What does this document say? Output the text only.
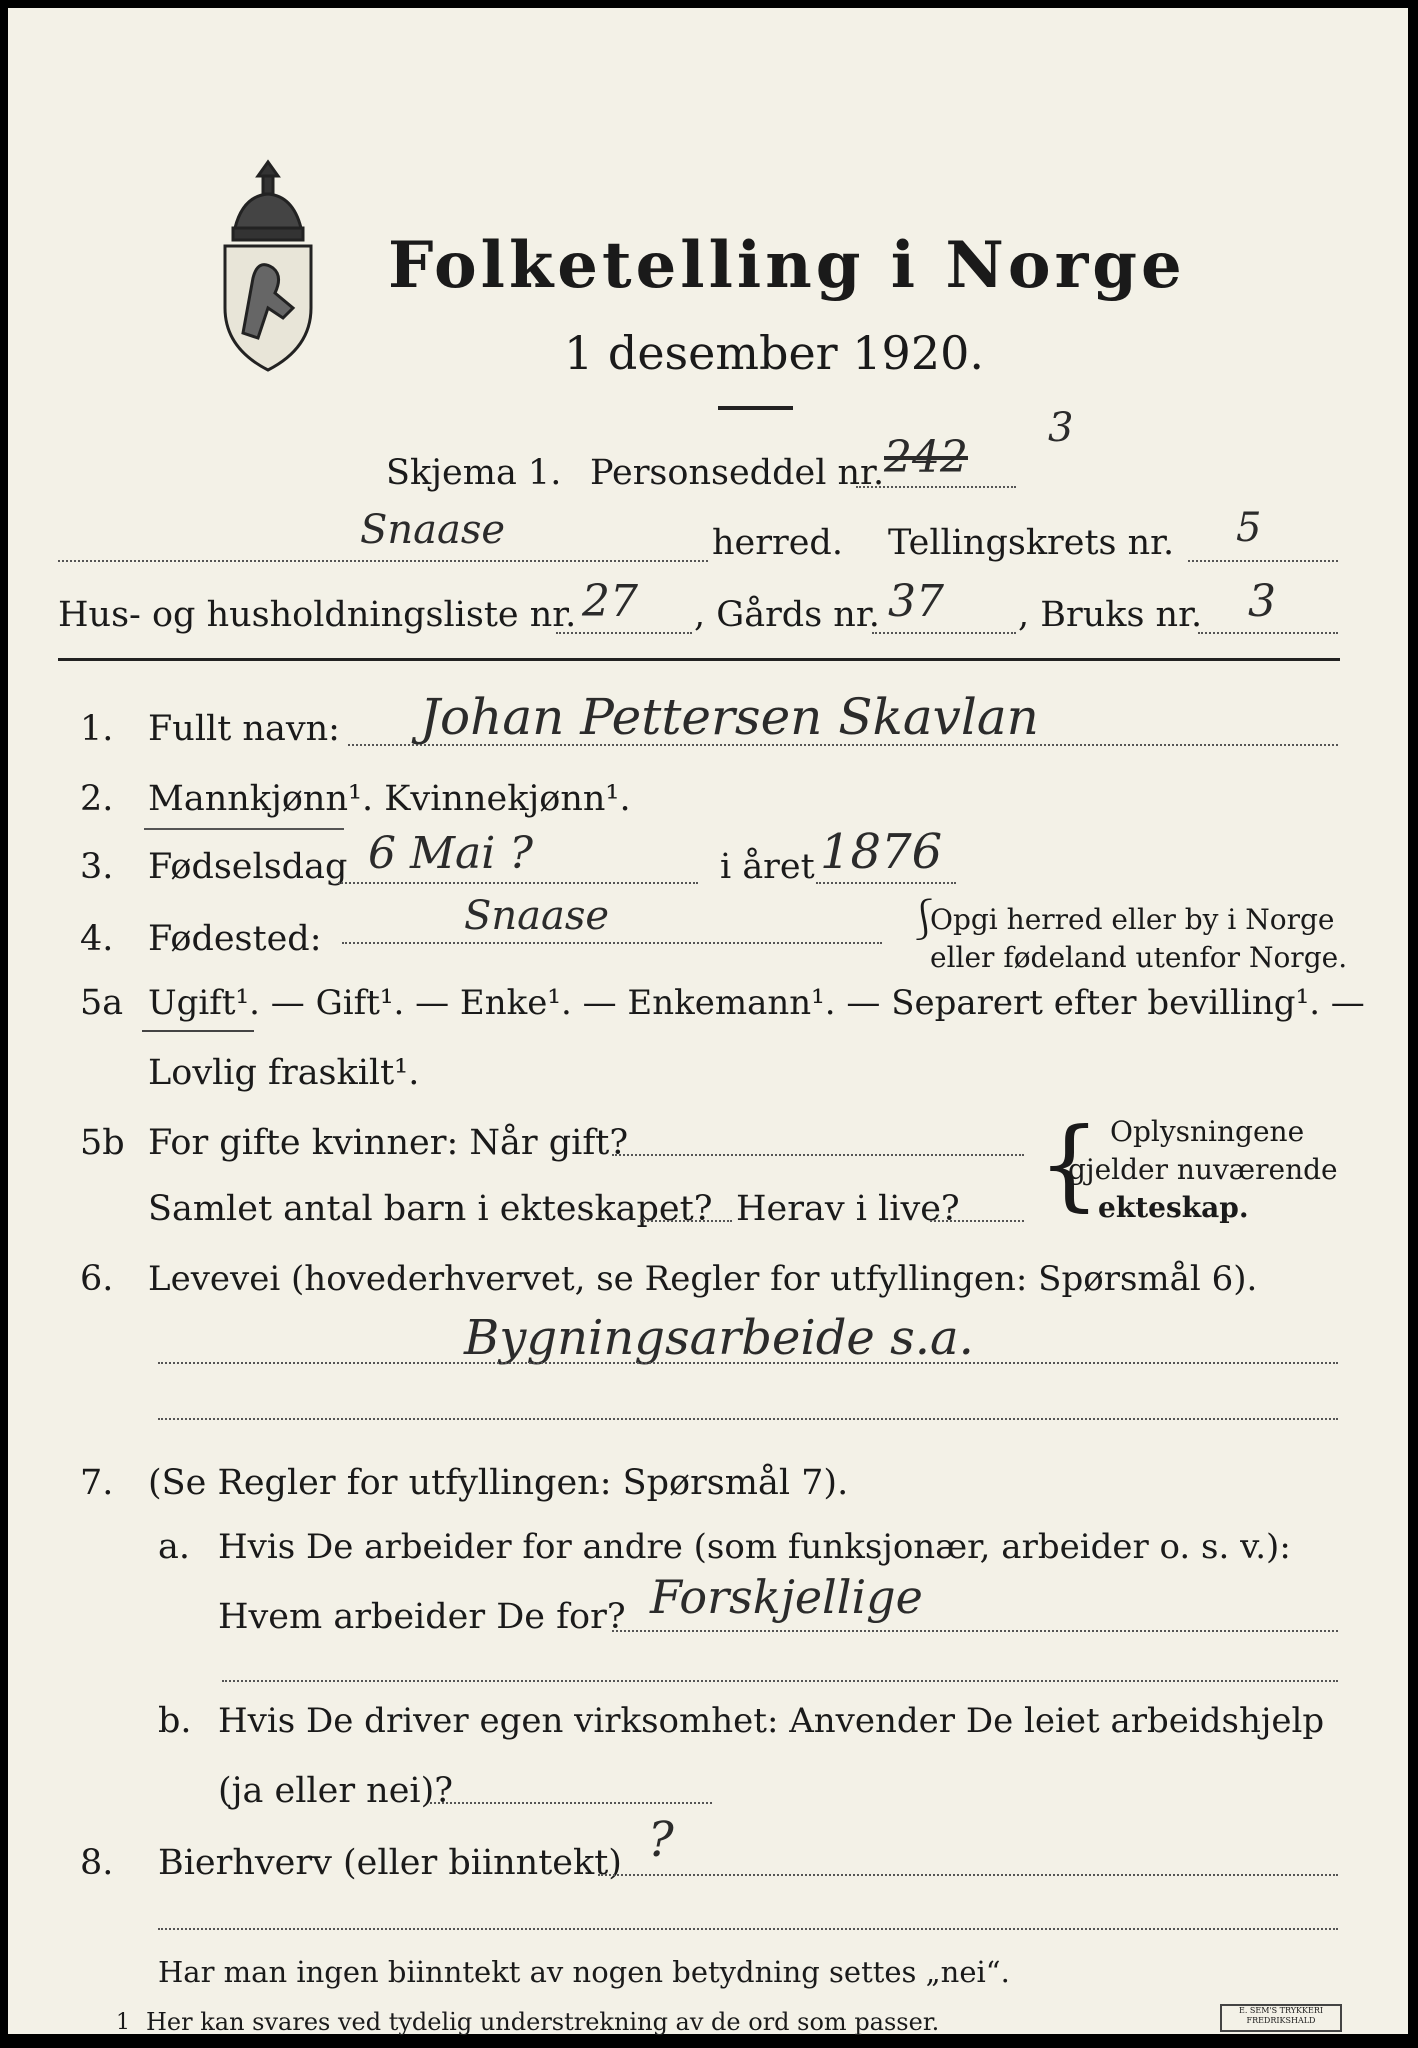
Folketelling i Norge
1 desember 1920.
Skjema 1. Personseddel nr. 242
3
Snaase	herred. Tellingskrets nr. 5
Hus- og husholdningsliste nr. 27 , Gårds nr. 37 , Bruks nr. 3
1. Fullt navn: Johan Pettersen Skavlan
2. Mannkjønn¹. Kvinnekjønn¹.
3. Fødselsdag 6 Mai ?	i året 1876
4. Fødested:	Snaase	⎰
Opgi herred eller by i Norge
eller fødeland utenfor Norge.
5a Ugift¹. — Gift¹. — Enke¹. — Enkemann¹. — Separert efter bevilling¹. —
Lovlig fraskilt¹.
5b For gifte kvinner: Når gift?
Samlet antal barn i ekteskapet? Herav i live? { Oplysningene
gjelder nuværende
ekteskap.
6. Levevei (hovederhvervet, se Regler for utfyllingen: Spørsmål 6).
Bygningsarbeide s.a.
7. (Se Regler for utfyllingen: Spørsmål 7).
a. Hvis De arbeider for andre (som funksjonær, arbeider o. s. v.):
Hvem arbeider De for? Forskjellige
b. Hvis De driver egen virksomhet: Anvender De leiet arbeidshjelp
(ja eller nei)?
8. Bierhverv (eller biinntekt) ?
Har man ingen biinntekt av nogen betydning settes „nei“.
1 Her kan svares ved tydelig understrekning av de ord som passer.	E. SEM'S TRYKKERI
FREDRIKSHALD
